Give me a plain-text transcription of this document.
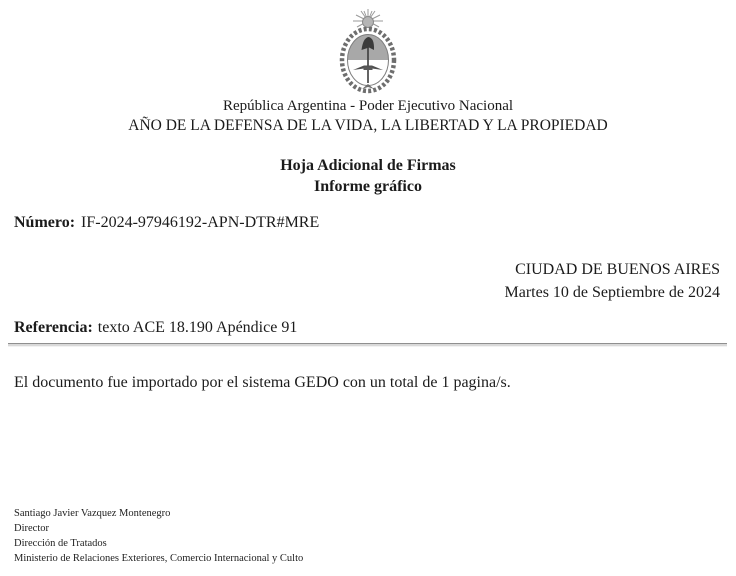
República Argentina - Poder Ejecutivo Nacional
AÑO DE LA DEFENSA DE LA VIDA, LA LIBERTAD Y LA PROPIEDAD
Hoja Adicional de Firmas
Informe gráfico
Número: IF-2024-97946192-APN-DTR#MRE
CIUDAD DE BUENOS AIRES
Martes 10 de Septiembre de 2024
Referencia: texto ACE 18.190 Apéndice 91
El documento fue importado por el sistema GEDO con un total de 1 pagina/s.
Santiago Javier Vazquez Montenegro
Director
Dirección de Tratados
Ministerio de Relaciones Exteriores, Comercio Internacional y Culto
